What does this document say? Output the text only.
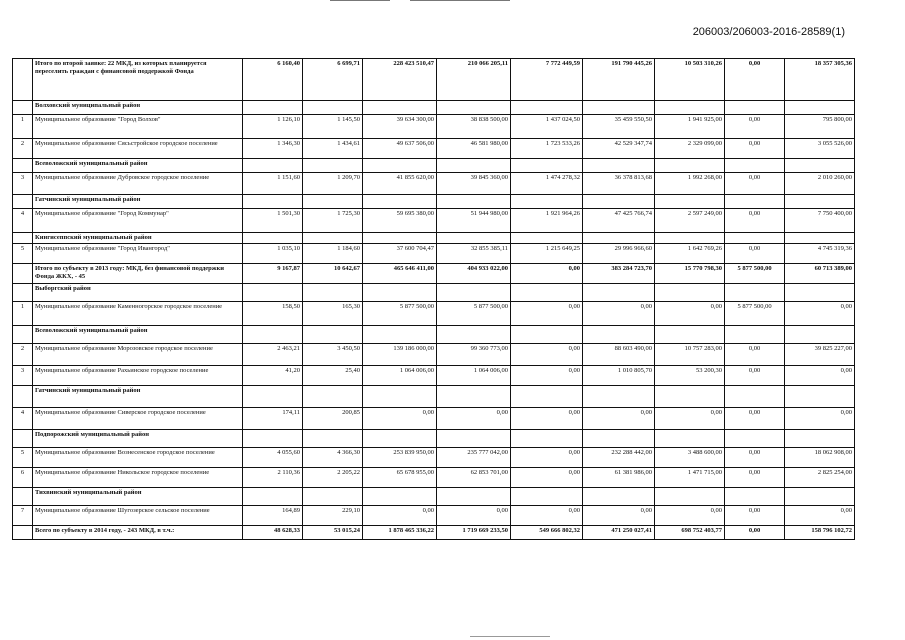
206003/206003-2016-28589(1)
	Итого по второй заявке: 22 МКД, из которых планируется переселить граждан с финансовой поддержкой Фонда	6 160,40	6 699,71	228 423 510,47	210 066 205,11	7 772 449,59	191 790 445,26	10 503 310,26	0,00	18 357 305,36
	Волховский муниципальный район									
1	Муниципальное образование "Город Волхов"	1 126,10	1 145,50	39 634 300,00	38 838 500,00	1 437 024,50	35 459 550,50	1 941 925,00	0,00	795 800,00
2	Муниципальное образование Сясьстройское городское поселение	1 346,30	1 434,61	49 637 506,00	46 581 980,00	1 723 533,26	42 529 347,74	2 329 099,00	0,00	3 055 526,00
	Всеволожский муниципальный район									
3	Муниципальное образование Дубровское городское поселение	1 151,60	1 209,70	41 855 620,00	39 845 360,00	1 474 278,32	36 378 813,68	1 992 268,00	0,00	2 010 260,00
	Гатчинский муниципальный район									
4	Муниципальное образование "Город Коммунар"	1 501,30	1 725,30	59 695 380,00	51 944 980,00	1 921 964,26	47 425 766,74	2 597 249,00	0,00	7 750 400,00
	Кингисеппский муниципальный район									
5	Муниципальное образование "Город Ивангород"	1 035,10	1 184,60	37 600 704,47	32 855 385,11	1 215 649,25	29 996 966,60	1 642 769,26	0,00	4 745 319,36
	Итого по субъекту в 2013 году: МКД, без финансовой поддержки Фонда ЖКХ, - 45	9 167,87	10 642,67	465 646 411,00	404 933 022,00	0,00	383 284 723,70	15 770 798,30	5 877 500,00	60 713 389,00
	Выборгский район									
1	Муниципальное образование Каменногорское городское поселение	158,50	165,30	5 877 500,00	5 877 500,00	0,00	0,00	0,00	5 877 500,00	0,00
	Всеволожский муниципальный район									
2	Муниципальное образование Морозовское городское поселение	2 463,21	3 450,50	139 186 000,00	99 360 773,00	0,00	88 603 490,00	10 757 283,00	0,00	39 825 227,00
3	Муниципальное образование Рахьинское городское поселение	41,20	25,40	1 064 006,00	1 064 006,00	0,00	1 010 805,70	53 200,30	0,00	0,00
	Гатчинский муниципальный район									
4	Муниципальное образование Сиверское городское поселение	174,11	200,85	0,00	0,00	0,00	0,00	0,00	0,00	0,00
	Подпорожский муниципальный район									
5	Муниципальное образование Вознесенское городское поселение	4 055,60	4 366,30	253 839 950,00	235 777 042,00	0,00	232 288 442,00	3 488 600,00	0,00	18 062 908,00
6	Муниципальное образование Никольское городское поселение	2 110,36	2 205,22	65 678 955,00	62 853 701,00	0,00	61 381 986,00	1 471 715,00	0,00	2 825 254,00
	Тихвинский муниципальный район									
7	Муниципальное образование Шугозерское сельское поселение	164,89	229,10	0,00	0,00	0,00	0,00	0,00	0,00	0,00
	Всего по субъекту в 2014 году, - 243 МКД, в т.ч.:	48 628,33	53 015,24	1 878 465 336,22	1 719 669 233,50	549 666 802,32	471 250 027,41	698 752 403,77	0,00	158 796 102,72
